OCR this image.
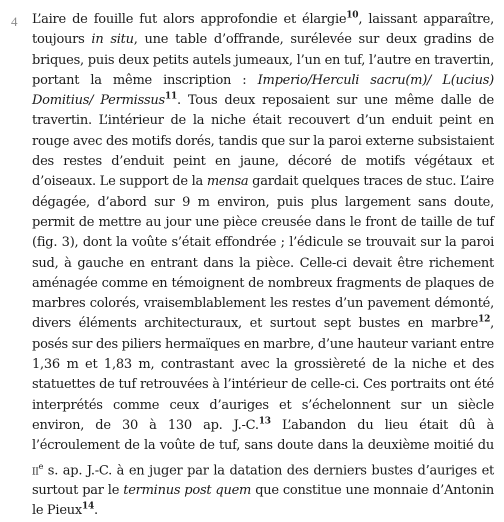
4 L’aire de fouille fut alors approfondie et élargie$^{10}$, laissant apparaître, toujours in situ, une table d’offrande, surélevée sur deux gradins de briques, puis deux petits autels jumeaux, l’un en tuf, l’autre en travertin, portant la même inscription : Imperio/Herculi sacru(m)/ L(ucius) Domitius/ Permissus$^{11}$. Tous deux reposaient sur une même dalle de travertin. L’intérieur de la niche était recouvert d’un enduit peint en rouge avec des motifs dorés, tandis que sur la paroi externe subsistaient des restes d’enduit peint en jaune, décoré de motifs végétaux et d’oiseaux. Le support de la mensa gardait quelques traces de stuc. L’aire dégagée, d’abord sur 9 m environ, puis plus largement sans doute, permit de mettre au jour une pièce creusée dans le front de taille de tuf (fig. 3), dont la voûte s’était effondrée ; l’édicule se trouvait sur la paroi sud, à gauche en entrant dans la pièce. Celle-ci devait être richement aménagée comme en témoignent de nombreux fragments de plaques de marbres colorés, vraisemblablement les restes d’un pavement démonté, divers éléments architecturaux, et surtout sept bustes en marbre$^{12}$, posés sur des piliers hermaïques en marbre, d’une hauteur variant entre 1,36 m et 1,83 m, contrastant avec la grossièreté de la niche et des statuettes de tuf retrouvées à l’intérieur de celle-ci. Ces portraits ont été interprétés comme ceux d’auriges et s’échelonnent sur un siècle environ, de 30 à 130 ap. J.-C.$^{13}$ L’abandon du lieu était dû à l’écroulement de la voûte de tuf, sans doute dans la deuxième moitié du $ii^e$ s. ap. J.-C. à en juger par la datation des derniers bustes d’auriges et surtout par le terminus post quem que constitue une monnaie d’Antonin le Pieux$^{14}$.
